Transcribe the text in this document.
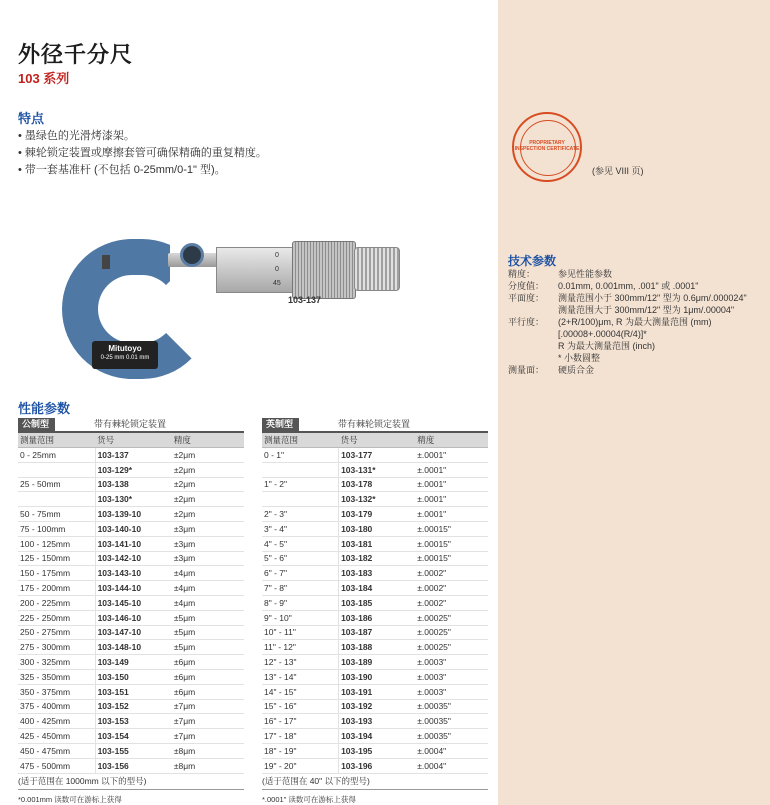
外径千分尺
103 系列
特点
• 墨绿色的光滑烤漆架。
• 棘轮锁定装置或摩擦套管可确保精确的重复精度。
• 带一套基准杆 (不包括 0-25mm/0-1" 型)。
0
0
45
Mitutoyo
0-25 mm 0.01 mm
103-137
PROPRIETARY INSPECTION CERTIFICATE
(参见 VIII 页)
技术参数
精度：	参见性能参数
分度值：	0.01mm, 0.001mm, .001" 或 .0001"
平面度：	测量范围小于 300mm/12" 型为 0.6μm/.000024"
测量范围大于 300mm/12" 型为 1μm/.00004"
平行度：	(2+R/100)μm, R 为最大测量范围 (mm)
[.00008+.00004(R/4)]*
R 为最大测量范围 (inch)
* 小数圆整
测量面：	硬质合金
性能参数
公制型	带有棘轮锁定装置
测量范围	货号	精度
0 - 25mm	103-137	±2μm
	103-129*	±2μm
25 - 50mm	103-138	±2μm
	103-130*	±2μm
50 - 75mm	103-139-10	±2μm
75 - 100mm	103-140-10	±3μm
100 - 125mm	103-141-10	±3μm
125 - 150mm	103-142-10	±3μm
150 - 175mm	103-143-10	±4μm
175 - 200mm	103-144-10	±4μm
200 - 225mm	103-145-10	±4μm
225 - 250mm	103-146-10	±5μm
250 - 275mm	103-147-10	±5μm
275 - 300mm	103-148-10	±5μm
300 - 325mm	103-149	±6μm
325 - 350mm	103-150	±6μm
350 - 375mm	103-151	±6μm
375 - 400mm	103-152	±7μm
400 - 425mm	103-153	±7μm
425 - 450mm	103-154	±7μm
450 - 475mm	103-155	±8μm
475 - 500mm	103-156	±8μm
(适于范围在 1000mm 以下的型号)
*0.001mm 读数可在游标上获得
英制型	带有棘轮锁定装置
测量范围	货号	精度
0 - 1"	103-177	±.0001"
	103-131*	±.0001"
1" - 2"	103-178	±.0001"
	103-132*	±.0001"
2" - 3"	103-179	±.0001"
3" - 4"	103-180	±.00015"
4" - 5"	103-181	±.00015"
5" - 6"	103-182	±.00015"
6" - 7"	103-183	±.0002"
7" - 8"	103-184	±.0002"
8" - 9"	103-185	±.0002"
9" - 10"	103-186	±.00025"
10" - 11"	103-187	±.00025"
11" - 12"	103-188	±.00025"
12" - 13"	103-189	±.0003"
13" - 14"	103-190	±.0003"
14" - 15"	103-191	±.0003"
15" - 16"	103-192	±.00035"
16" - 17"	103-193	±.00035"
17" - 18"	103-194	±.00035"
18" - 19"	103-195	±.0004"
19" - 20"	103-196	±.0004"
(适于范围在 40" 以下的型号)
*.0001" 读数可在游标上获得
